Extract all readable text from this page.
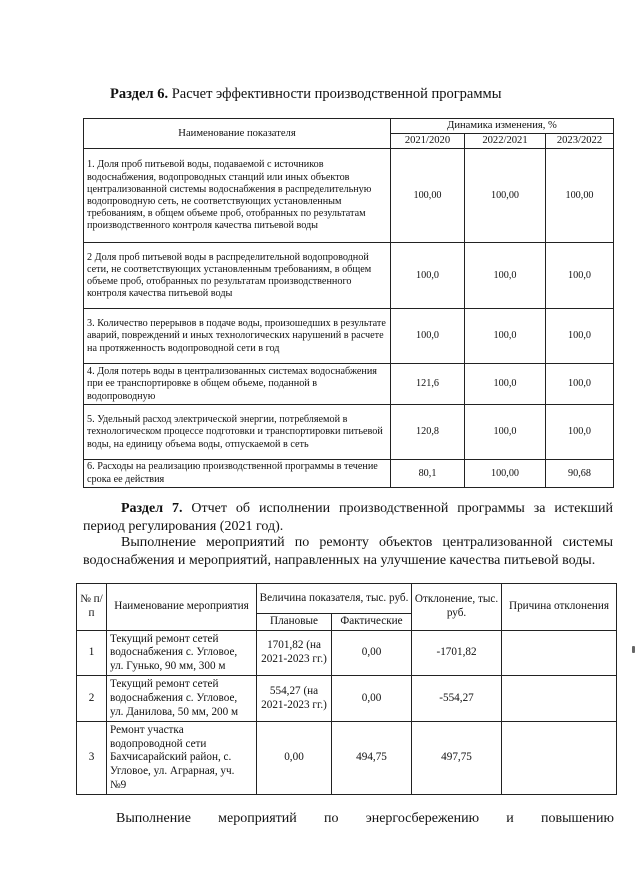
Раздел 6. Расчет эффективности производственной программы
Наименование показателя	Динамика изменения, %		
	2021/2020	2022/2021	2023/2022
1. Доля проб питьевой воды, подаваемой с источников водоснабжения, водопроводных станций или иных объектов централизованной системы водоснабжения в распределительную водопроводную сеть, не соответствующих установленным требованиям, в общем объеме проб, отобранных по результатам производственного контроля качества питьевой воды	100,00	100,00	100,00
2 Доля проб питьевой воды в распределительной водопроводной сети, не соответствующих установленным требованиям, в общем объеме проб, отобранных по результатам производственного контроля качества питьевой воды	100,0	100,0	100,0
3. Количество перерывов в подаче воды, произошедших в результате аварий, повреждений и иных технологических нарушений в расчете на протяженность водопроводной сети в год	100,0	100,0	100,0
4. Доля потерь воды в централизованных системах водоснабжения при ее транспортировке в общем объеме, поданной в водопроводную	121,6	100,0	100,0
5. Удельный расход электрической энергии, потребляемой в технологическом процессе подготовки и транспортировки питьевой воды, на единицу объема воды, отпускаемой в сеть	120,8	100,0	100,0
6. Расходы на реализацию производственной программы в течение срока ее действия	80,1	100,00	90,68
Раздел 7. Отчет об исполнении производственной программы за истекший период регулирования (2021 год).
Выполнение мероприятий по ремонту объектов централизованной системы водоснабжения и мероприятий, направленных на улучшение качества питьевой воды.
№ п/п	Наименование мероприятия	Величина показателя, тыс. руб.		Отклонение, тыс. руб.	Причина отклонения
		Плановые	Фактические		
1	Текущий ремонт сетей водоснабжения с. Угловое, ул. Гунько, 90 мм, 300 м	1701,82 (на 2021-2023 гг.)	0,00	-1701,82	
2	Текущий ремонт сетей водоснабжения с. Угловое, ул. Данилова, 50 мм, 200 м	554,27 (на 2021-2023 гг.)	0,00	-554,27	
3	Ремонт участка водопроводной сети Бахчисарайский район, с. Угловое, ул. Аграрная, уч. №9	0,00	494,75	497,75	
Выполнение мероприятий по энергосбережению и повышению
